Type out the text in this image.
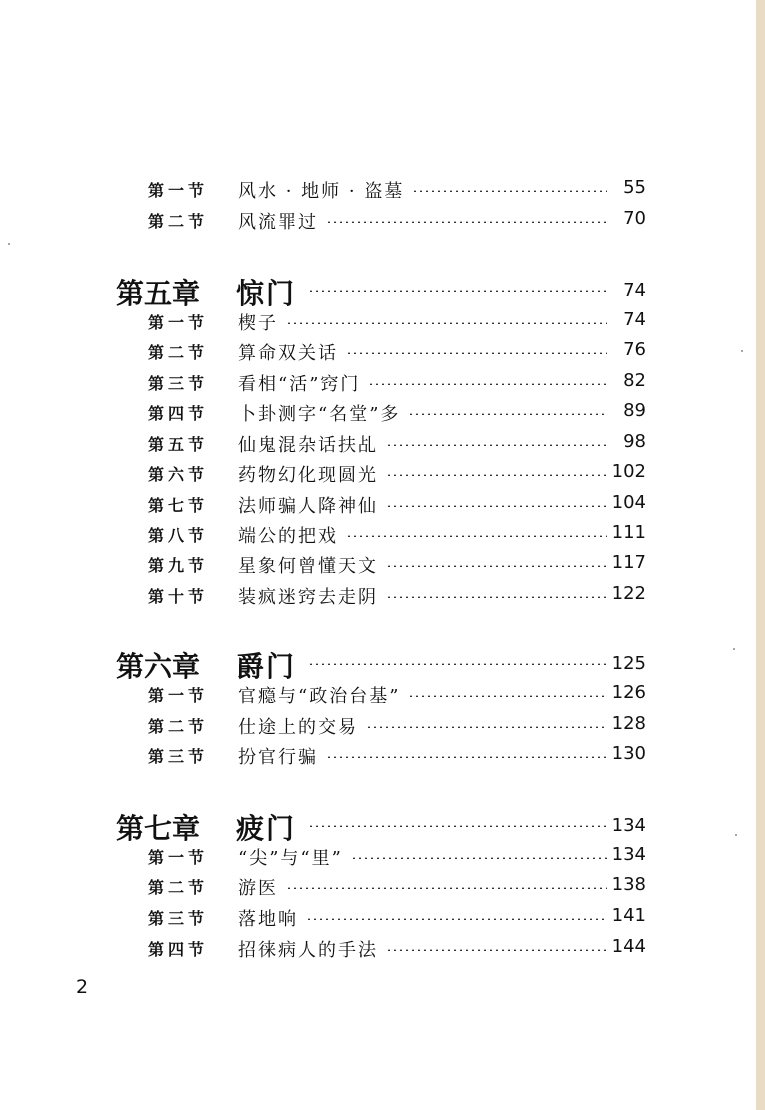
第一节	风水 · 地师 · 盗墓	55
第二节	风流罪过	70
第五章 惊门	74
第一节	楔子	74
第二节	算命双关话	76
第三节	看相“活”窍门	82
第四节	卜卦测字“名堂”多	89
第五节	仙鬼混杂话扶乩	98
第六节	药物幻化现圆光	102
第七节	法师骗人降神仙	104
第八节	端公的把戏	111
第九节	星象何曾懂天文	117
第十节	装疯迷窍去走阴	122
第六章 爵门	125
第一节	官瘾与“政治台基”	126
第二节	仕途上的交易	128
第三节	扮官行骗	130
第七章 疲门	134
第一节	“尖”与“里”	134
第二节	游医	138
第三节	落地响	141
第四节	招徕病人的手法	144
2
